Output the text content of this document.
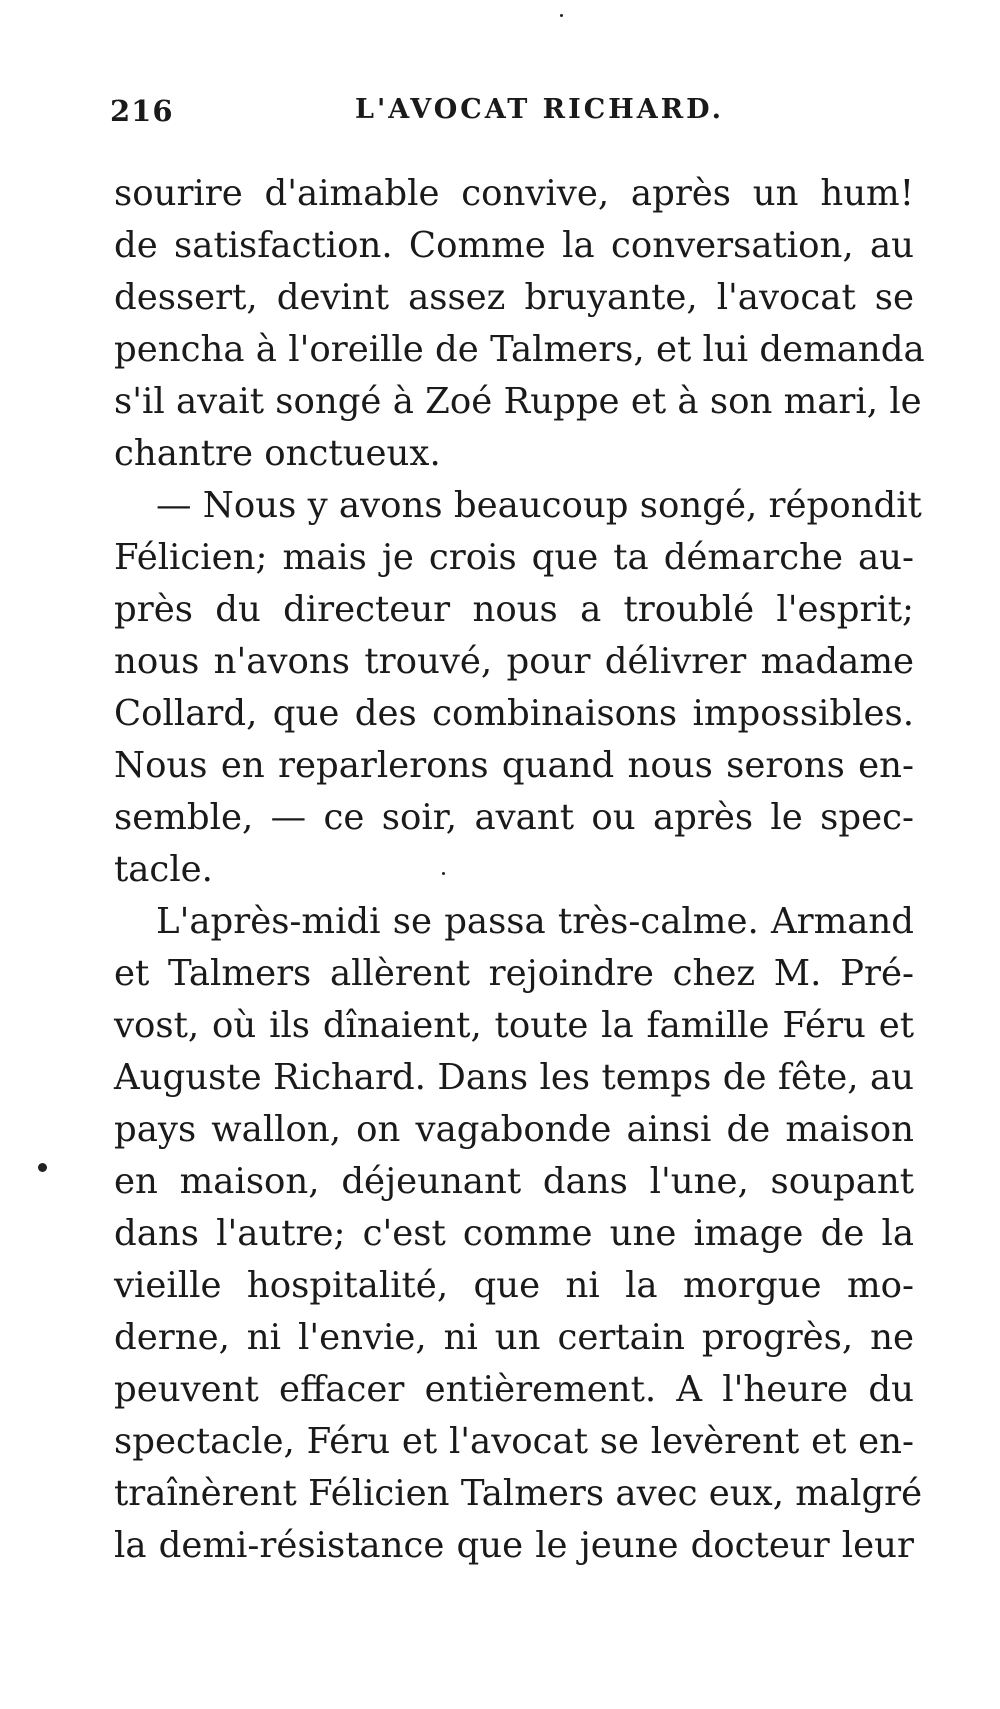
216	L'AVOCAT RICHARD.
sourire d'aimable convive, après un hum!
de satisfaction. Comme la conversation, au
dessert, devint assez bruyante, l'avocat se
pencha à l'oreille de Talmers, et lui demanda
s'il avait songé à Zoé Ruppe et à son mari, le
chantre onctueux.
— Nous y avons beaucoup songé, répondit
Félicien; mais je crois que ta démarche au-
près du directeur nous a troublé l'esprit;
nous n'avons trouvé, pour délivrer madame
Collard, que des combinaisons impossibles.
Nous en reparlerons quand nous serons en-
semble, — ce soir, avant ou après le spec-
tacle.
L'après-midi se passa très-calme. Armand
et Talmers allèrent rejoindre chez M. Pré-
vost, où ils dînaient, toute la famille Féru et
Auguste Richard. Dans les temps de fête, au
pays wallon, on vagabonde ainsi de maison
en maison, déjeunant dans l'une, soupant
dans l'autre; c'est comme une image de la
vieille hospitalité, que ni la morgue mo-
derne, ni l'envie, ni un certain progrès, ne
peuvent effacer entièrement. A l'heure du
spectacle, Féru et l'avocat se levèrent et en-
traînèrent Félicien Talmers avec eux, malgré
la demi-résistance que le jeune docteur leur
